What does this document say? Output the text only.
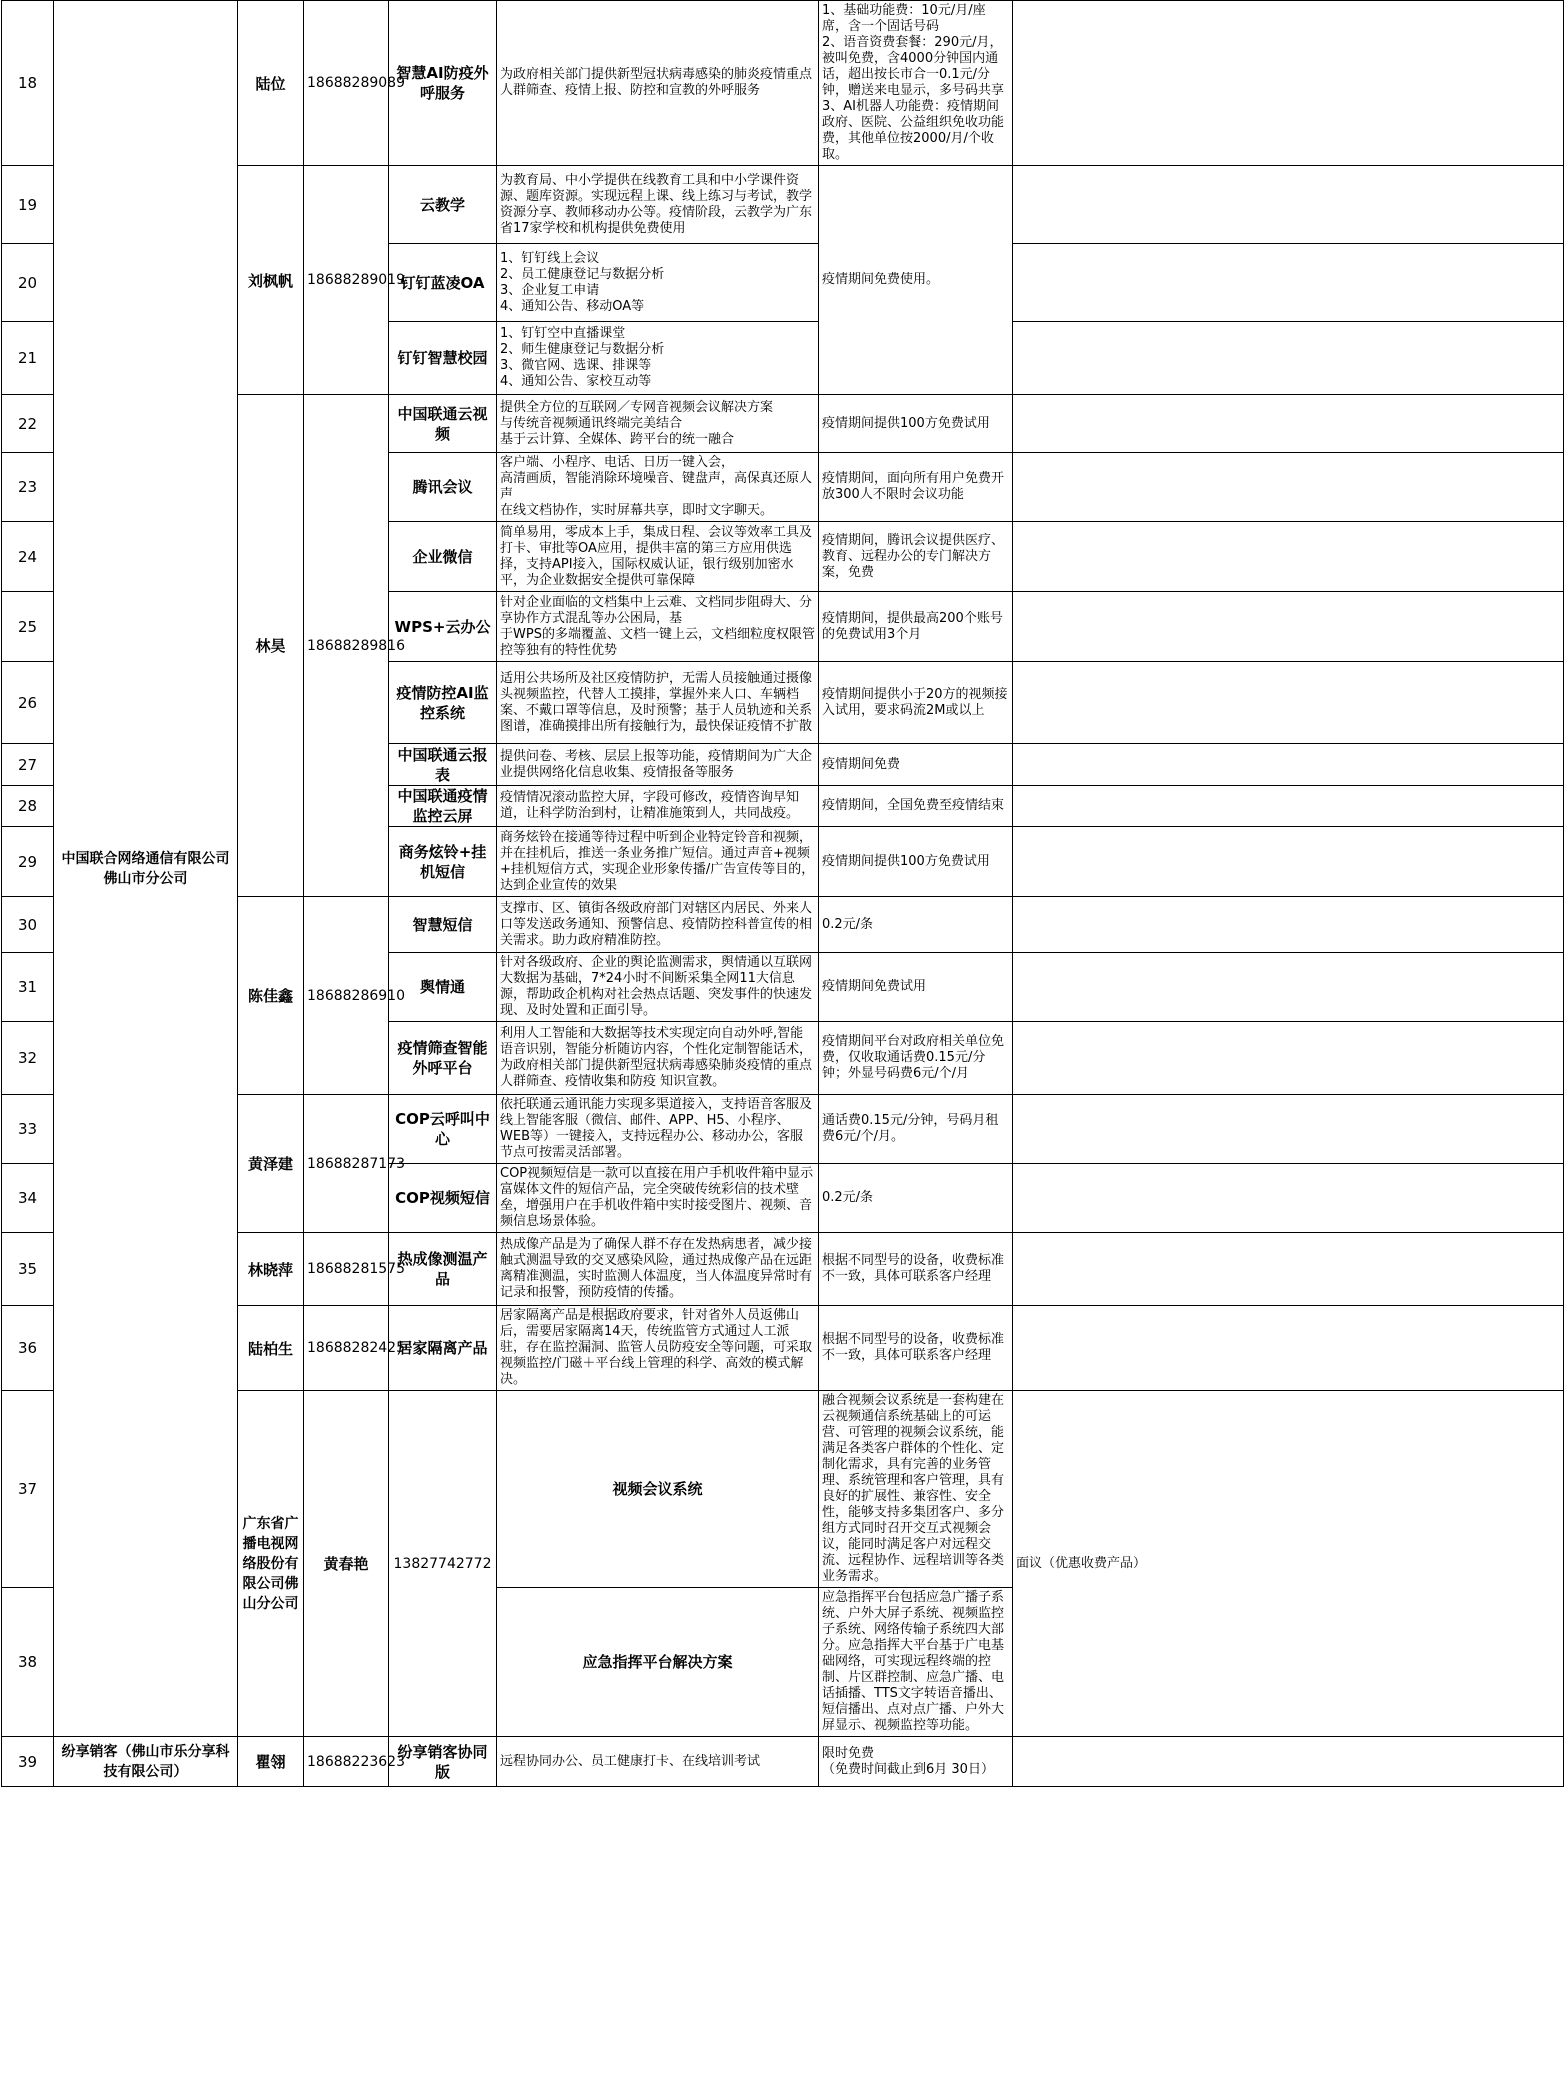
18	中国联合网络通信有限公司佛山市分公司	陆位	18688289089	智慧AI防疫外呼服务	为政府相关部门提供新型冠状病毒感染的肺炎疫情重点人群筛查、疫情上报、防控和宣教的外呼服务	1、基础功能费：10元/月/座席，含一个固话号码
2、语音资费套餐：290元/月，被叫免费，含4000分钟国内通话，超出按长市合一0.1元/分钟，赠送来电显示，多号码共享
3、AI机器人功能费：疫情期间政府、医院、公益组织免收功能费，其他单位按2000/月/个收取。		
19		刘枫帆	18688289019	云教学	为教育局、中小学提供在线教育工具和中小学课件资源、题库资源。实现远程上课、线上练习与考试，教学资源分享、教师移动办公等。疫情阶段，云教学为广东省17家学校和机构提供免费使用	疫情期间免费使用。		
20				钉钉蓝凌OA	1、钉钉线上会议
2、员工健康登记与数据分析
3、企业复工申请
4、通知公告、移动OA等			
21				钉钉智慧校园	1、钉钉空中直播课堂
2、师生健康登记与数据分析
3、微官网、选课、排课等
4、通知公告、家校互动等			
22		林昊	18688289816	中国联通云视频	提供全方位的互联网／专网音视频会议解决方案
与传统音视频通讯终端完美结合
基于云计算、全媒体、跨平台的统一融合	疫情期间提供100方免费试用		
23				腾讯会议	客户端、小程序、电话、日历一键入会，
高清画质，智能消除环境噪音、键盘声，高保真还原人声
在线文档协作，实时屏幕共享，即时文字聊天。	疫情期间，面向所有用户免费开放300人不限时会议功能		
24				企业微信	简单易用，零成本上手，集成日程、会议等效率工具及打卡、审批等OA应用，提供丰富的第三方应用供选择，支持API接入，国际权威认证，银行级别加密水平，为企业数据安全提供可靠保障	疫情期间，腾讯会议提供医疗、教育、远程办公的专门解决方案，免费		
25				WPS+云办公	针对企业面临的文档集中上云难、文档同步阻碍大、分享协作方式混乱等办公困局，基
于WPS的多端覆盖、文档一键上云，文档细粒度权限管控等独有的特性优势	疫情期间，提供最高200个账号的免费试用3个月		
26				疫情防控AI监控系统	适用公共场所及社区疫情防护，无需人员接触通过摄像头视频监控，代替人工摸排，掌握外来人口、车辆档案、不戴口罩等信息，及时预警；基于人员轨迹和关系图谱，准确摸排出所有接触行为，最快保证疫情不扩散	疫情期间提供小于20方的视频接入试用，要求码流2M或以上		
27				中国联通云报表	提供问卷、考核、层层上报等功能，疫情期间为广大企业提供网络化信息收集、疫情报备等服务	疫情期间免费		
28				中国联通疫情监控云屏	疫情情况滚动监控大屏，字段可修改，疫情咨询早知道，让科学防治到村，让精准施策到人，共同战疫。	疫情期间，全国免费至疫情结束		
29				商务炫铃+挂机短信	商务炫铃在接通等待过程中听到企业特定铃音和视频，并在挂机后，推送一条业务推广短信。通过声音+视频+挂机短信方式，实现企业形象传播/广告宣传等目的，达到企业宣传的效果	疫情期间提供100方免费试用		
30		陈佳鑫	18688286910	智慧短信	支撑市、区、镇街各级政府部门对辖区内居民、外来人口等发送政务通知、预警信息、疫情防控科普宣传的相关需求。助力政府精准防控。	0.2元/条		
31				舆情通	针对各级政府、企业的舆论监测需求，舆情通以互联网大数据为基础，7*24小时不间断采集全网11大信息源，帮助政企机构对社会热点话题、突发事件的快速发现、及时处置和正面引导。	疫情期间免费试用		
32				疫情筛查智能外呼平台	利用人工智能和大数据等技术实现定向自动外呼,智能语音识别，智能分析随访内容，个性化定制智能话术，为政府相关部门提供新型冠状病毒感染肺炎疫情的重点人群筛查、疫情收集和防疫 知识宣教。	疫情期间平台对政府相关单位免费，仅收取通话费0.15元/分钟；外显号码费6元/个/月		
33		黄泽建	18688287173	COP云呼叫中心	依托联通云通讯能力实现多渠道接入，支持语音客服及线上智能客服（微信、邮件、APP、H5、小程序、WEB等）一键接入，支持远程办公、移动办公，客服节点可按需灵活部署。	通话费0.15元/分钟，号码月租费6元/个/月。		
34				COP视频短信	COP视频短信是一款可以直接在用户手机收件箱中显示富媒体文件的短信产品，完全突破传统彩信的技术壁垒，增强用户在手机收件箱中实时接受图片、视频、音频信息场景体验。	0.2元/条		
35		林晓萍	18688281575	热成像测温产品	热成像产品是为了确保人群不存在发热病患者，减少接触式测温导致的交叉感染风险，通过热成像产品在远距离精准测温，实时监测人体温度，当人体温度异常时有记录和报警，预防疫情的传播。	根据不同型号的设备，收费标准不一致，具体可联系客户经理		
36		陆柏生	18688282425	居家隔离产品	居家隔离产品是根据政府要求，针对省外人员返佛山后，需要居家隔离14天，传统监管方式通过人工派驻，存在监控漏洞、监管人员防疫安全等问题，可采取视频监控/门磁＋平台线上管理的科学、高效的模式解决。	根据不同型号的设备，收费标准不一致，具体可联系客户经理		
37		广东省广播电视网络股份有限公司佛山分公司	黄春艳	13827742772	视频会议系统	融合视频会议系统是一套构建在云视频通信系统基础上的可运营、可管理的视频会议系统，能满足各类客户群体的个性化、定制化需求，具有完善的业务管理、系统管理和客户管理，具有良好的扩展性、兼容性、安全性，能够支持多集团客户、多分组方式同时召开交互式视频会议，能同时满足客户对远程交流、远程协作、远程培训等各类业务需求。	面议（优惠收费产品）	
38					应急指挥平台解决方案	应急指挥平台包括应急广播子系统、户外大屏子系统、视频监控子系统、网络传输子系统四大部分。应急指挥大平台基于广电基础网络，可实现远程终端的控制、片区群控制、应急广播、电话插播、TTS文字转语音播出、短信播出、点对点广播、户外大屏显示、视频监控等功能。		
39	纷享销客（佛山市乐分享科技有限公司）	瞿翎	18688223623	纷享销客协同版	远程协同办公、员工健康打卡、在线培训考试	限时免费
（免费时间截止到6月 30日）		
